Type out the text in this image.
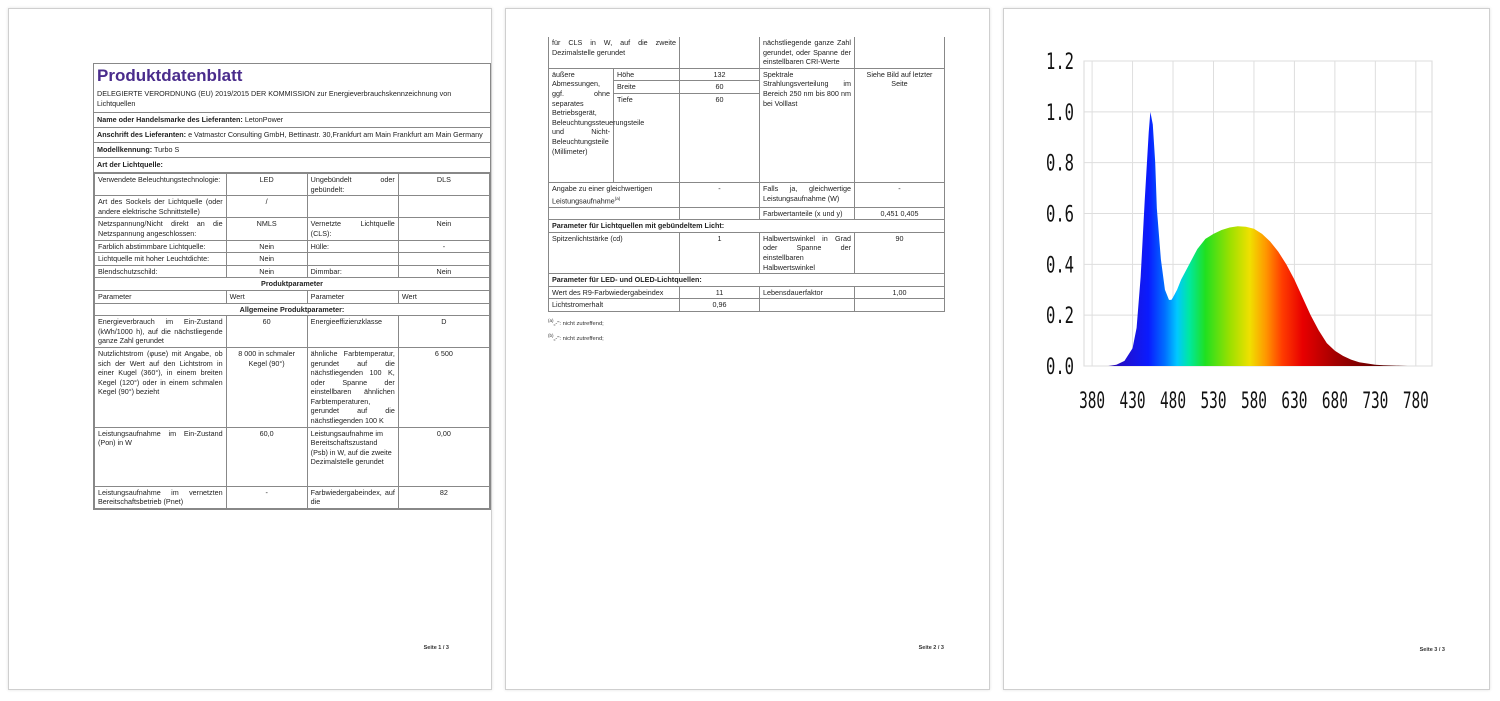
Produktdatenblatt
DELEGIERTE VERORDNUNG (EU) 2019/2015 DER KOMMISSION zur Energieverbrauchskennzeichnung von Lichtquellen
Name oder Handelsmarke des Lieferanten: LetonPower
Anschrift des Lieferanten: e Vatmastcr Consulting GmbH, Bettinastr. 30,Frankfurt am Main Frankfurt am Main Germany
Modellkennung: Turbo S
Art der Lichtquelle:
Verwendete Beleuchtungstechnologie:	LED	Ungebündelt oder gebündelt:	DLS
Art des Sockels der Lichtquelle (oder andere elektrische Schnittstelle)	/		
Netzspannung/Nicht direkt an die Netzspannung angeschlossen:	NMLS	Vernetzte Lichtquelle (CLS):	Nein
Farblich abstimmbare Lichtquelle:	Nein	Hülle:	-
Lichtquelle mit hoher Leuchtdichte:	Nein		
Blendschutzschild:	Nein	Dimmbar:	Nein
Produktparameter			
Parameter	Wert	Parameter	Wert
Allgemeine Produktparameter:			
Energieverbrauch im Ein-Zustand (kWh/1000 h), auf die nächstliegende ganze Zahl gerundet	60	Energieeffizienzklasse	D
Nutzlichtstrom (φuse) mit Angabe, ob sich der Wert auf den Lichtstrom in einer Kugel (360°), in einem breiten Kegel (120°) oder in einem schmalen Kegel (90°) bezieht	8 000 in schmaler Kegel (90°)	ähnliche Farbtemperatur, gerundet auf die nächstliegenden 100 K, oder Spanne der einstellbaren ähnlichen Farbtemperaturen, gerundet auf die nächstliegenden 100 K	6 500
Leistungsaufnahme im Ein-Zustand (Pon) in W	60,0	Leistungsaufnahme im Bereitschaftszustand (Psb) in W, auf die zweite Dezimalstelle gerundet	0,00
Leistungsaufnahme im vernetzten Bereitschaftsbetrieb (Pnet)	-	Farbwiedergabeindex, auf die	82
Seite 1 / 3
für CLS in W, auf die zweite Dezimalstelle gerundet			nächstliegende ganze Zahl gerundet, oder Spanne der einstellbaren CRI-Werte	
äußere Abmessungen, ggf. ohne separates Betriebsgerät, Beleuchtungssteuerungsteile und Nicht-Beleuchtungsteile (Millimeter)	Höhe	132	Spektrale Strahlungsverteilung im Bereich 250 nm bis 800 nm bei Volllast	Siehe Bild auf letzter Seite
	Breite	60		
	Tiefe	60		
Angabe zu einer gleichwertigen Leistungsaufnahme$^{(a)}$		-	Falls ja, gleichwertige Leistungsaufnahme (W)	-
			Farbwertanteile (x und y)	0,451 0,405
Parameter für Lichtquellen mit gebündeltem Licht:				
Spitzenlichtstärke (cd)		1	Halbwertswinkel in Grad oder Spanne der einstellbaren Halbwertswinkel	90
Parameter für LED- und OLED-Lichtquellen:				
Wert des R9-Farbwiedergabeindex		11	Lebensdauerfaktor	1,00
Lichtstromerhalt		0,96		
$^{(a)}$„-": nicht zutreffend;
$^{(b)}$„-": nicht zutreffend;
Seite 2 / 3
0.0
0.2
0.4
0.6
0.8
1.0
1.2
380 430 480 530 580 630 680 730 780
Seite 3 / 3
